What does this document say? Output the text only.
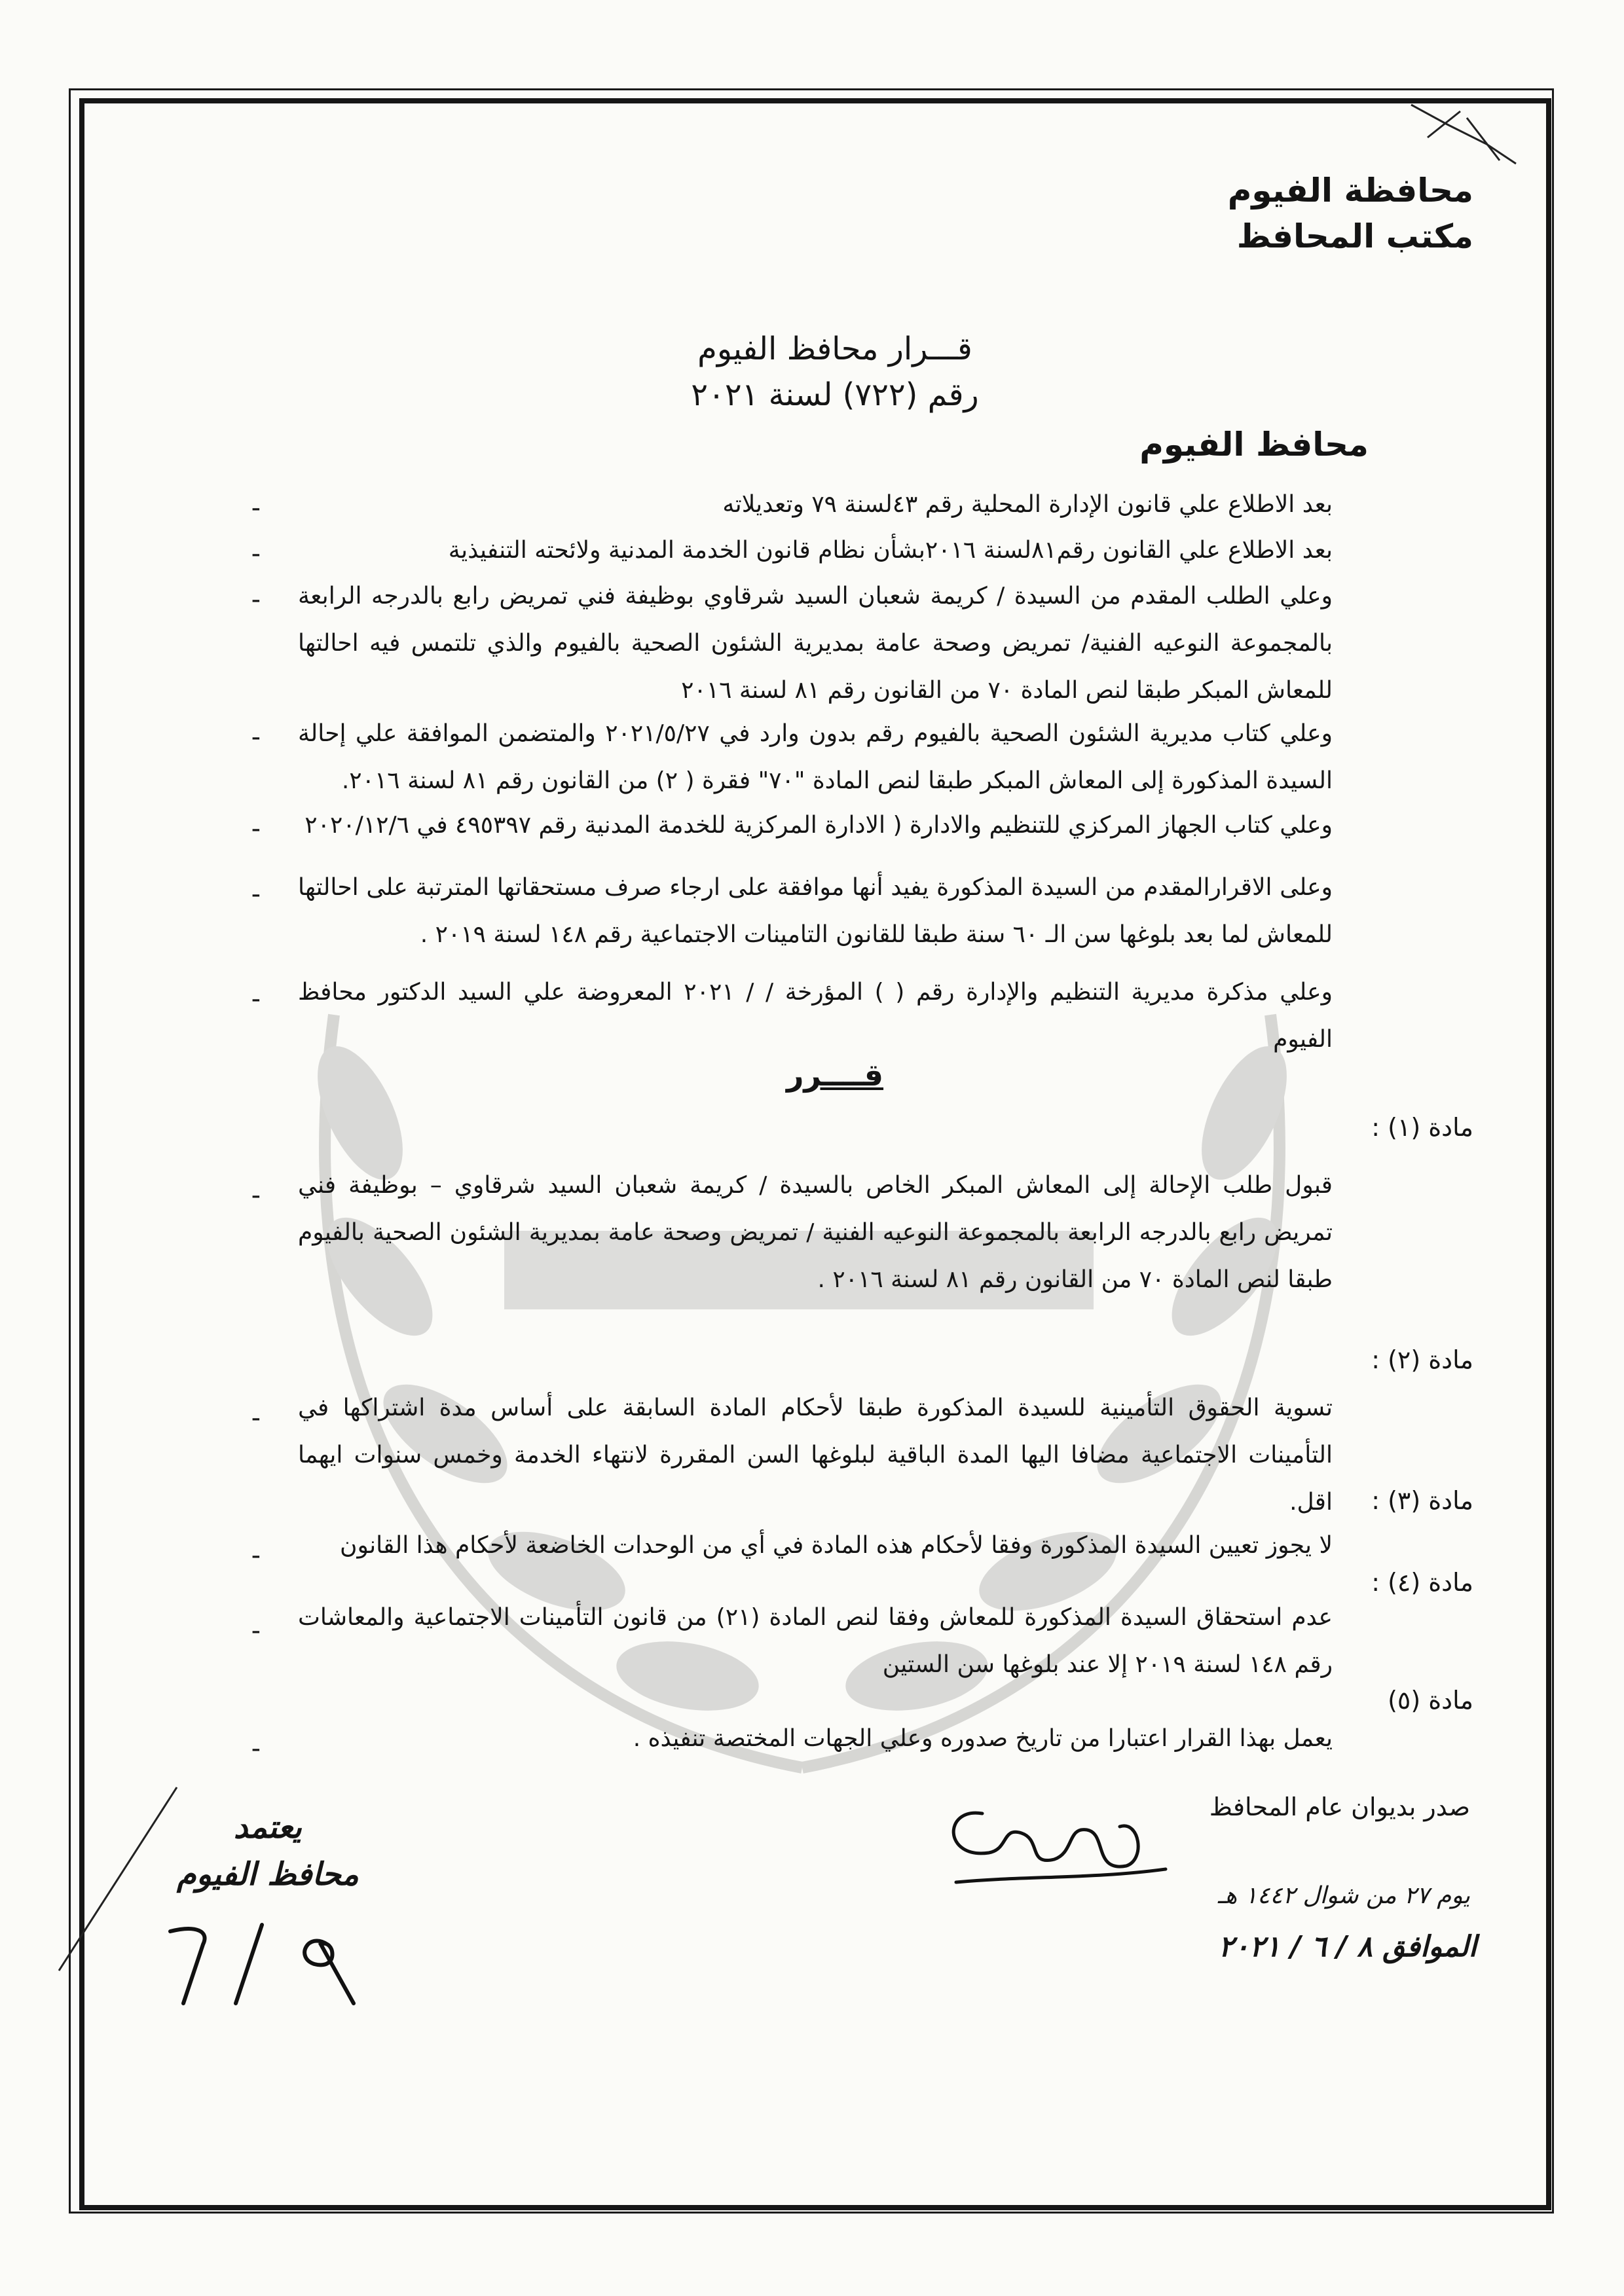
محافظة الفيوم
مكتب المحافظ
قـــرار محافظ الفيوم
رقم (٧٢٢) لسنة ٢٠٢١
محافظ الفيوم
-	بعد الاطلاع علي قانون الإدارة المحلية رقم ٤٣لسنة ٧٩ وتعديلاته
-	بعد الاطلاع علي القانون رقم٨١لسنة ٢٠١٦بشأن نظام قانون الخدمة المدنية ولائحته التنفيذية
- وعلي الطلب المقدم من السيدة / كريمة شعبان السيد شرقاوي بوظيفة فني تمريض رابع بالدرجه الرابعة بالمجموعة النوعيه الفنية/ تمريض وصحة عامة بمديرية الشئون الصحية بالفيوم والذي تلتمس فيه احالتها للمعاش المبكر طبقا لنص المادة ٧٠ من القانون رقم ٨١ لسنة ٢٠١٦
- وعلي كتاب مديرية الشئون الصحية بالفيوم رقم بدون وارد في ٢٠٢١/٥/٢٧ والمتضمن الموافقة علي إحالة السيدة المذكورة إلى المعاش المبكر طبقا لنص المادة "٧٠" فقرة ( ٢) من القانون رقم ٨١ لسنة ٢٠١٦.
- وعلي كتاب الجهاز المركزي للتنظيم والادارة ( الادارة المركزية للخدمة المدنية رقم ٤٩٥٣٩٧ في ٢٠٢٠/١٢/٦
- وعلى الاقرارالمقدم من السيدة المذكورة يفيد أنها موافقة على ارجاء صرف مستحقاتها المترتبة على احالتها للمعاش لما بعد بلوغها سن الـ ٦٠ سنة طبقا للقانون التامينات الاجتماعية رقم ١٤٨ لسنة ٢٠١٩ .
- وعلي مذكرة مديرية التنظيم والإدارة رقم ( ) المؤرخة / / ٢٠٢١ المعروضة علي السيد الدكتور محافظ الفيوم
قــــرر
مادة (١) :
- قبول طلب الإحالة إلى المعاش المبكر الخاص بالسيدة / كريمة شعبان السيد شرقاوي – بوظيفة فني تمريض رابع بالدرجه الرابعة بالمجموعة النوعيه الفنية / تمريض وصحة عامة بمديرية الشئون الصحية بالفيوم طبقا لنص المادة ٧٠ من القانون رقم ٨١ لسنة ٢٠١٦ .
مادة (٢) :
- تسوية الحقوق التأمينية للسيدة المذكورة طبقا لأحكام المادة السابقة على أساس مدة اشتراكها في التأمينات الاجتماعية مضافا اليها المدة الباقية لبلوغها السن المقررة لانتهاء الخدمة وخمس سنوات ايهما اقل. مادة (٣) :
-	لا يجوز تعيين السيدة المذكورة وفقا لأحكام هذه المادة في أي من الوحدات الخاضعة لأحكام هذا القانون
مادة (٤) :
- عدم استحقاق السيدة المذكورة للمعاش وفقا لنص المادة (٢١) من قانون التأمينات الاجتماعية والمعاشات رقم ١٤٨ لسنة ٢٠١٩ إلا عند بلوغها سن الستين
مادة (٥)
-	يعمل بهذا القرار اعتبارا من تاريخ صدوره وعلي الجهات المختصة تنفيذه .
صدر بديوان عام المحافظ
يوم ٢٧ من شوال ١٤٤٢ هـ
الموافق ٨ / ٦ / ٢٠٢١
يعتمد
محافظ الفيوم
